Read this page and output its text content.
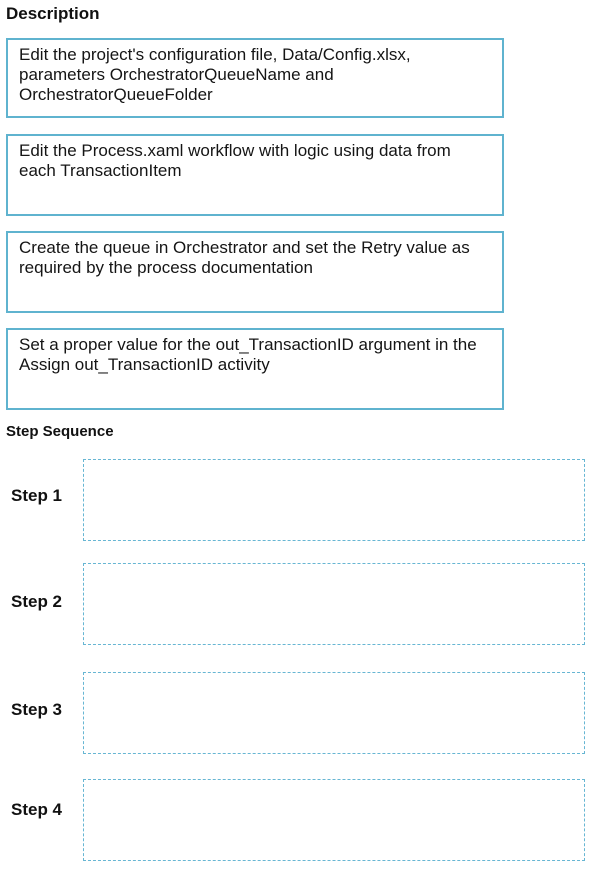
Description
Edit the project's configuration file, Data/Config.xlsx, parameters OrchestratorQueueName and OrchestratorQueueFolder
Edit the Process.xaml workflow with logic using data from each TransactionItem
Create the queue in Orchestrator and set the Retry value as required by the process documentation
Set a proper value for the out_TransactionID argument in the Assign out_TransactionID activity
Step Sequence
Step 1
Step 2
Step 3
Step 4
